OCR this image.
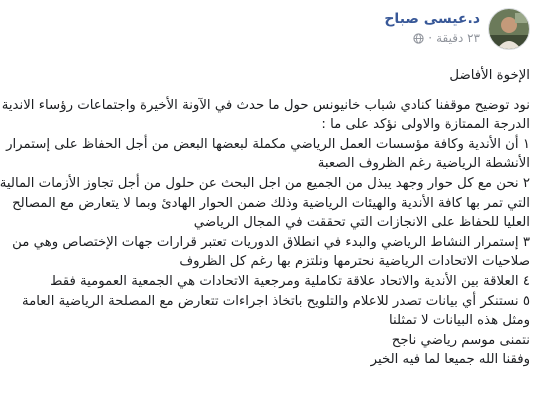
د.عيسى صباح
٢٣ دقيقة
·
الإخوة الأفاضل
نود توضيح موقفنا كنادي شباب خانيونس حول ما حدث في الآونة الأخيرة واجتماعات رؤساء الاندية
الدرجة الممتازة والاولى نؤكد على ما :
١ أن الأندية وكافة مؤسسات العمل الرياضي مكملة لبعضها البعض من أجل الحفاظ على إستمرار
الأنشطة الرياضية رغم الظروف الصعبة
٢ نحن مع كل حوار وجهد يبذل من الجميع من اجل البحث عن حلول من أجل تجاوز الأزمات المالية
التي تمر بها كافة الأندية والهيئات الرياضية وذلك ضمن الحوار الهادئ وبما لا يتعارض مع المصالح
العليا للحفاظ على الانجازات التي تحققت في المجال الرياضي
٣ إستمرار النشاط الرياضي والبدء في انطلاق الدوريات تعتبر قرارات جهات الإختصاص وهي من
صلاحيات الاتحادات الرياضية نحترمها ونلتزم بها رغم كل الظروف
٤ العلاقة بين الأندية والاتحاد علاقة تكاملية ومرجعية الاتحادات هي الجمعية العمومية فقط
٥ نستنكر أي بيانات تصدر للاعلام والتلويح باتخاذ اجراءات تتعارض مع المصلحة الرياضية العامة
ومثل هذه البيانات لا تمثلنا
نتمنى موسم رياضي ناجح
وفقنا الله جميعا لما فيه الخير
